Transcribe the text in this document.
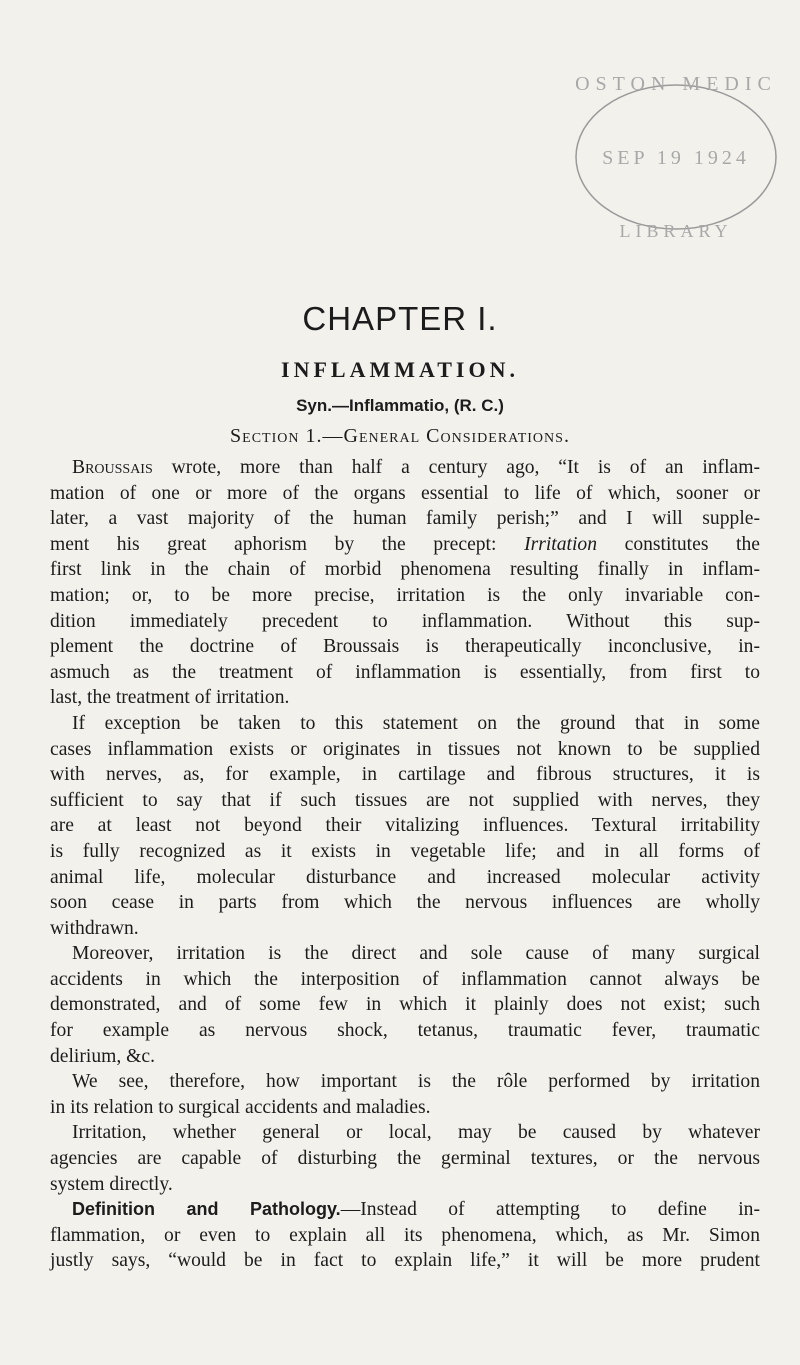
OSTON MEDIC
SEP 19 1924
LIBRARY
CHAPTER I.
INFLAMMATION.
Syn.—Inflammatio, (R. C.)
Section 1.—General Considerations.
Broussais wrote, more than half a century ago, “It is of an inflam-
mation of one or more of the organs essential to life of which, sooner or
later, a vast majority of the human family perish;” and I will supple-
ment his great aphorism by the precept: Irritation constitutes the
first link in the chain of morbid phenomena resulting finally in inflam-
mation; or, to be more precise, irritation is the only invariable con-
dition immediately precedent to inflammation. Without this sup-
plement the doctrine of Broussais is therapeutically inconclusive, in-
asmuch as the treatment of inflammation is essentially, from first to
last, the treatment of irritation.
If exception be taken to this statement on the ground that in some
cases inflammation exists or originates in tissues not known to be supplied
with nerves, as, for example, in cartilage and fibrous structures, it is
sufficient to say that if such tissues are not supplied with nerves, they
are at least not beyond their vitalizing influences. Textural irritability
is fully recognized as it exists in vegetable life; and in all forms of
animal life, molecular disturbance and increased molecular activity
soon cease in parts from which the nervous influences are wholly
withdrawn.
Moreover, irritation is the direct and sole cause of many surgical
accidents in which the interposition of inflammation cannot always be
demonstrated, and of some few in which it plainly does not exist; such
for example as nervous shock, tetanus, traumatic fever, traumatic
delirium, &c.
We see, therefore, how important is the rôle performed by irritation
in its relation to surgical accidents and maladies.
Irritation, whether general or local, may be caused by whatever
agencies are capable of disturbing the germinal textures, or the nervous
system directly.
Definition and Pathology.—Instead of attempting to define in-
flammation, or even to explain all its phenomena, which, as Mr. Simon
justly says, “would be in fact to explain life,” it will be more prudent
